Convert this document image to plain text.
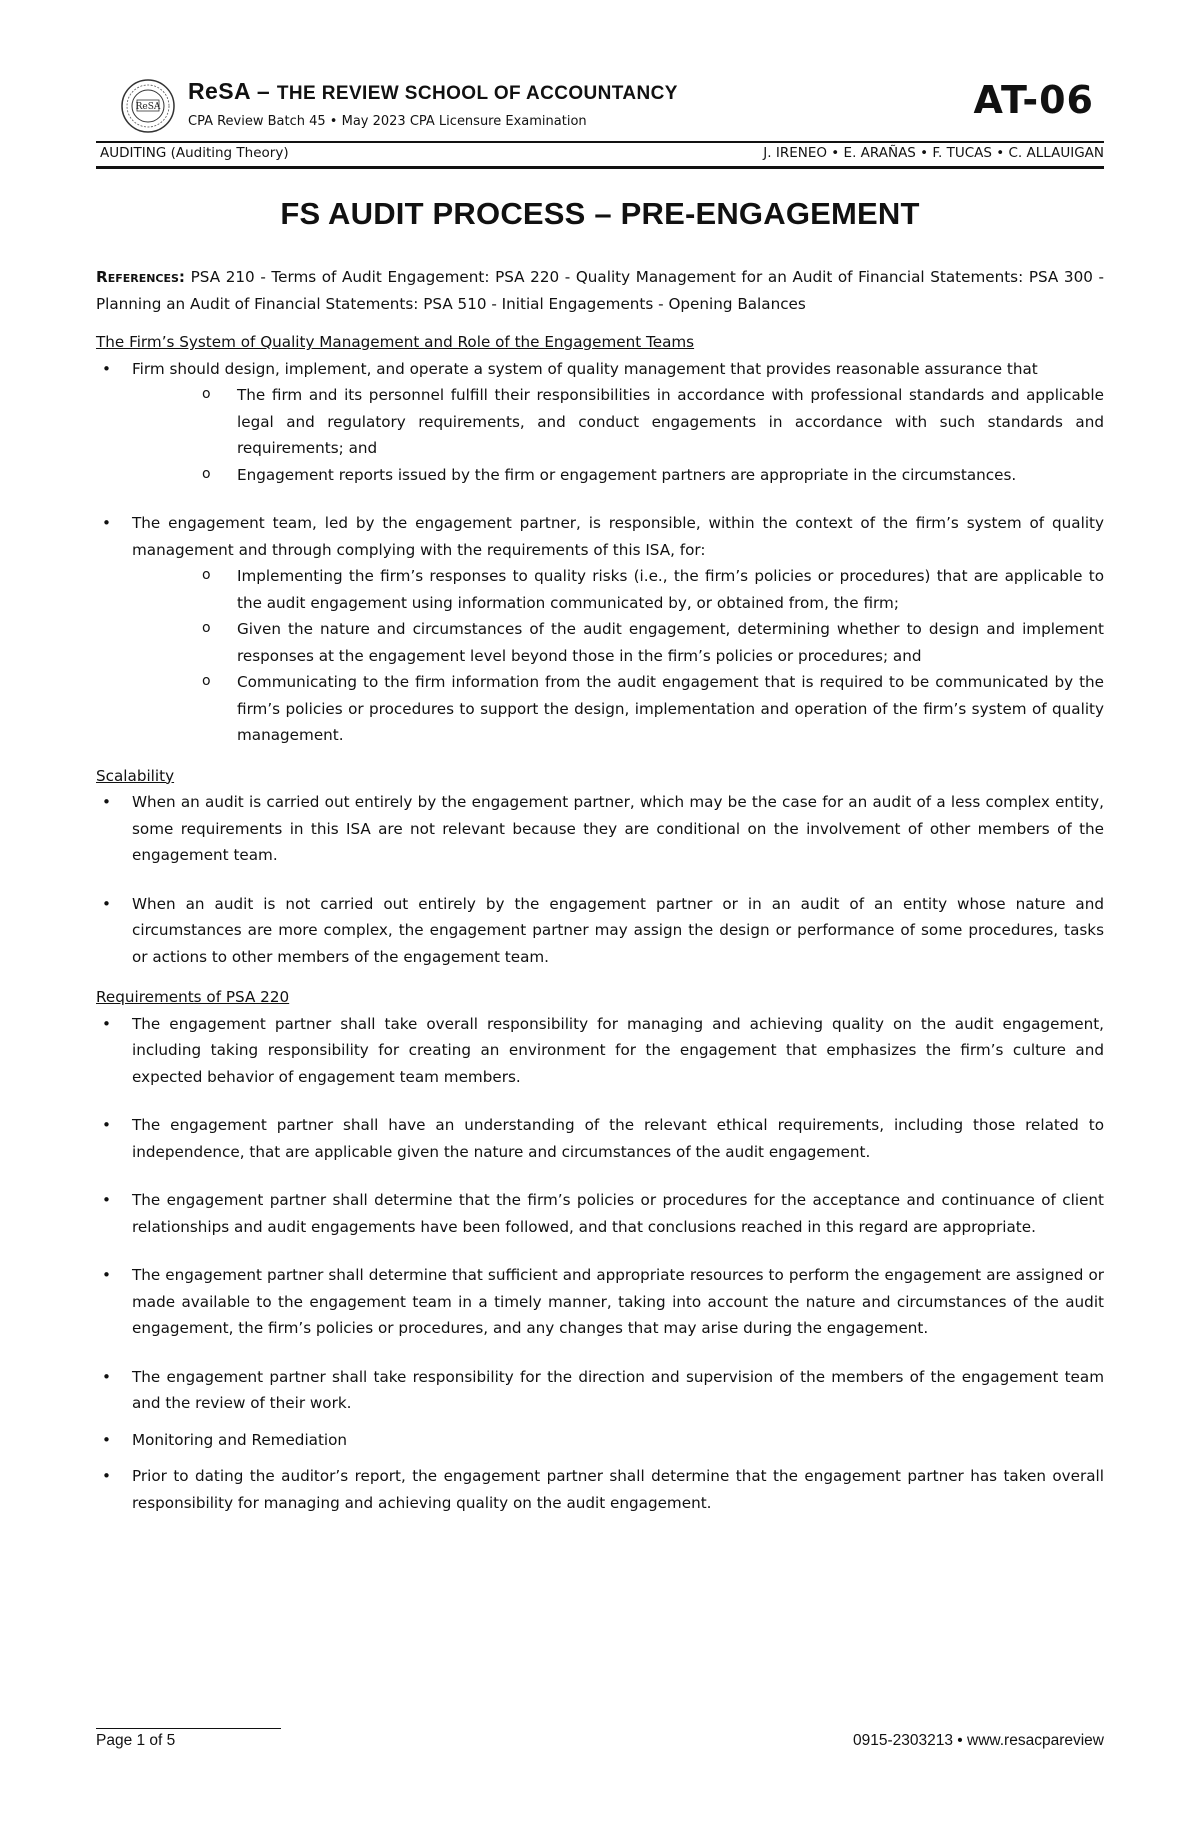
ReSA
ReSA – THE REVIEW SCHOOL OF ACCOUNTANCY
CPA Review Batch 45 • May 2023 CPA Licensure Examination	AT-06
AUDITING (Auditing Theory)	J. IRENEO • E. ARAÑAS • F. TUCAS • C. ALLAUIGAN
FS AUDIT PROCESS – PRE-ENGAGEMENT

References: PSA 210 - Terms of Audit Engagement: PSA 220 - Quality Management for an Audit of Financial Statements: PSA 300 - Planning an Audit of Financial Statements: PSA 510 - Initial Engagements - Opening Balances

The Firm’s System of Quality Management and Role of the Engagement Teams

• Firm should design, implement, and operate a system of quality management that provides reasonable assurance that
o The firm and its personnel fulfill their responsibilities in accordance with professional standards and applicable legal and regulatory requirements, and conduct engagements in accordance with such standards and requirements; and
o Engagement reports issued by the firm or engagement partners are appropriate in the circumstances.
• The engagement team, led by the engagement partner, is responsible, within the context of the firm’s system of quality management and through complying with the requirements of this ISA, for:
o Implementing the firm’s responses to quality risks (i.e., the firm’s policies or procedures) that are applicable to the audit engagement using information communicated by, or obtained from, the firm;
o Given the nature and circumstances of the audit engagement, determining whether to design and implement responses at the engagement level beyond those in the firm’s policies or procedures; and
o Communicating to the firm information from the audit engagement that is required to be communicated by the firm’s policies or procedures to support the design, implementation and operation of the firm’s system of quality management.

Scalability

• When an audit is carried out entirely by the engagement partner, which may be the case for an audit of a less complex entity, some requirements in this ISA are not relevant because they are conditional on the involvement of other members of the engagement team.
• When an audit is not carried out entirely by the engagement partner or in an audit of an entity whose nature and circumstances are more complex, the engagement partner may assign the design or performance of some procedures, tasks or actions to other members of the engagement team.

Requirements of PSA 220

• The engagement partner shall take overall responsibility for managing and achieving quality on the audit engagement, including taking responsibility for creating an environment for the engagement that emphasizes the firm’s culture and expected behavior of engagement team members.
• The engagement partner shall have an understanding of the relevant ethical requirements, including those related to independence, that are applicable given the nature and circumstances of the audit engagement.
• The engagement partner shall determine that the firm’s policies or procedures for the acceptance and continuance of client relationships and audit engagements have been followed, and that conclusions reached in this regard are appropriate.
• The engagement partner shall determine that sufficient and appropriate resources to perform the engagement are assigned or made available to the engagement team in a timely manner, taking into account the nature and circumstances of the audit engagement, the firm’s policies or procedures, and any changes that may arise during the engagement.
• The engagement partner shall take responsibility for the direction and supervision of the members of the engagement team and the review of their work.
• Monitoring and Remediation
• Prior to dating the auditor’s report, the engagement partner shall determine that the engagement partner has taken overall responsibility for managing and achieving quality on the audit engagement.
Page 1 of 5	0915-2303213 • www.resacpareview
